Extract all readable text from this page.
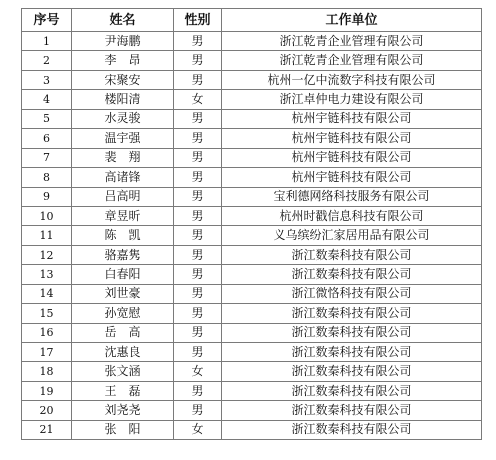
序号	姓名	性别	工作单位
1	尹海鹏	男	浙江乾青企业管理有限公司
2	李　昂	男	浙江乾青企业管理有限公司
3	宋聚安	男	杭州一亿中流数字科技有限公司
4	楼阳清	女	浙江卓仲电力建设有限公司
5	水灵骏	男	杭州宇链科技有限公司
6	温宇强	男	杭州宇链科技有限公司
7	裴　翔	男	杭州宇链科技有限公司
8	高诸锋	男	杭州宇链科技有限公司
9	吕高明	男	宝利德网络科技服务有限公司
10	章昱昕	男	杭州时戳信息科技有限公司
11	陈　凯	男	义乌缤纷汇家居用品有限公司
12	骆嘉隽	男	浙江数秦科技有限公司
13	白春阳	男	浙江数秦科技有限公司
14	刘世豪	男	浙江微恪科技有限公司
15	孙宽慰	男	浙江数秦科技有限公司
16	岳　高	男	浙江数秦科技有限公司
17	沈惠良	男	浙江数秦科技有限公司
18	张文涵	女	浙江数秦科技有限公司
19	王　磊	男	浙江数秦科技有限公司
20	刘尧尧	男	浙江数秦科技有限公司
21	张　阳	女	浙江数秦科技有限公司
